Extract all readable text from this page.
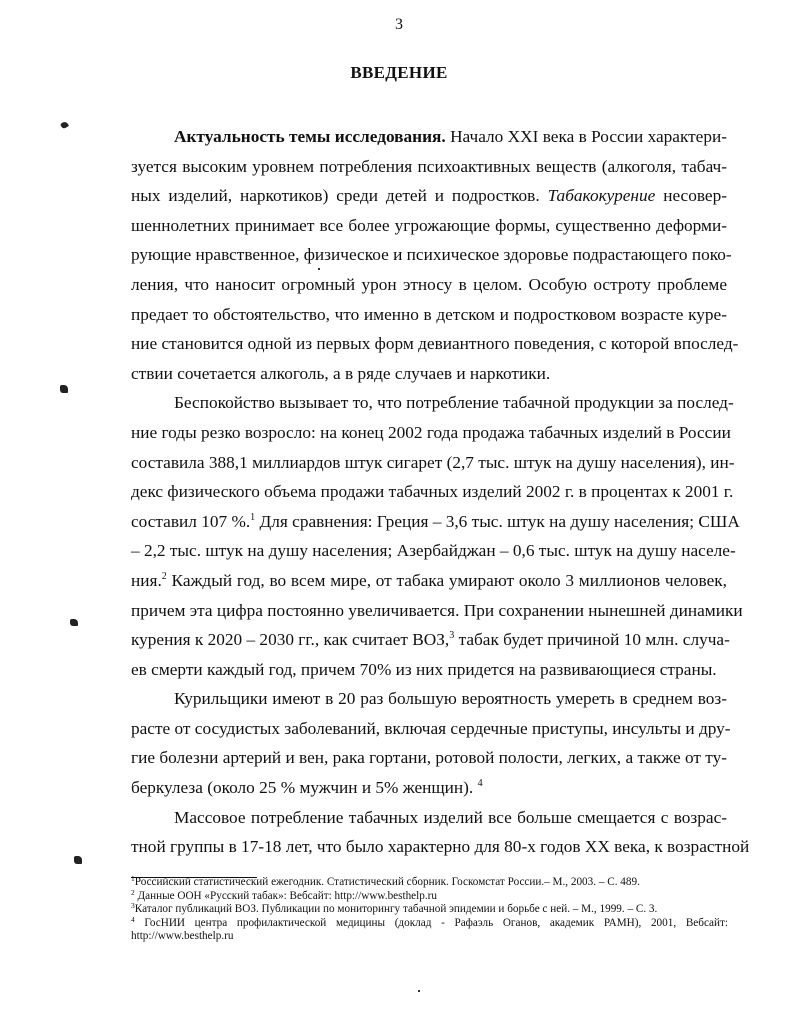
3
ВВЕДЕНИЕ
Актуальность темы исследования. Начало XXI века в России характери-
зуется высоким уровнем потребления психоактивных веществ (алкоголя, табач-
ных изделий, наркотиков) среди детей и подростков. Табакокурение несовер-
шеннолетних принимает все более угрожающие формы, существенно деформи-
рующие нравственное, физическое и психическое здоровье подрастающего поко-
ления, что наносит огромный урон этносу в целом. Особую остроту проблеме
предает то обстоятельство, что именно в детском и подростковом возрасте куре-
ние становится одной из первых форм девиантного поведения, с которой впослед-
ствии сочетается алкоголь, а в ряде случаев и наркотики.
Беспокойство вызывает то, что потребление табачной продукции за послед-
ние годы резко возросло: на конец 2002 года продажа табачных изделий в России
составила 388,1 миллиардов штук сигарет (2,7 тыс. штук на душу населения), ин-
декс физического объема продажи табачных изделий 2002 г. в процентах к 2001 г.
составил 107 %.$^1$ Для сравнения: Греция – 3,6 тыс. штук на душу населения; США
– 2,2 тыс. штук на душу населения; Азербайджан – 0,6 тыс. штук на душу населе-
ния.$^2$ Каждый год, во всем мире, от табака умирают около 3 миллионов человек,
причем эта цифра постоянно увеличивается. При сохранении нынешней динамики
курения к 2020 – 2030 гг., как считает ВОЗ,$^3$ табак будет причиной 10 млн. случа-
ев смерти каждый год, причем 70% из них придется на развивающиеся страны.
Курильщики имеют в 20 раз большую вероятность умереть в среднем воз-
расте от сосудистых заболеваний, включая сердечные приступы, инсульты и дру-
гие болезни артерий и вен, рака гортани, ротовой полости, легких, а также от ту-
беркулеза (около 25 % мужчин и 5% женщин). $^4$
Массовое потребление табачных изделий все больше смещается с возрас-
тной группы в 17-18 лет, что было характерно для 80-х годов XX века, к возрастной
$^1$Российский статистический ежегодник. Статистический сборник. Госкомстат России.– М., 2003. – С. 489.
$^2$ Данные ООН «Русский табак»: Вебсайт: http://www.besthelp.ru
$^3$Каталог публикаций ВОЗ. Публикации по мониторингу табачной эпидемии и борьбе с ней. – М., 1999. – С. 3.
$^4$ ГосНИИ центра профилактической медицины (доклад - Рафаэль Оганов, академик РАМН), 2001, Вебсайт:
http://www.besthelp.ru
